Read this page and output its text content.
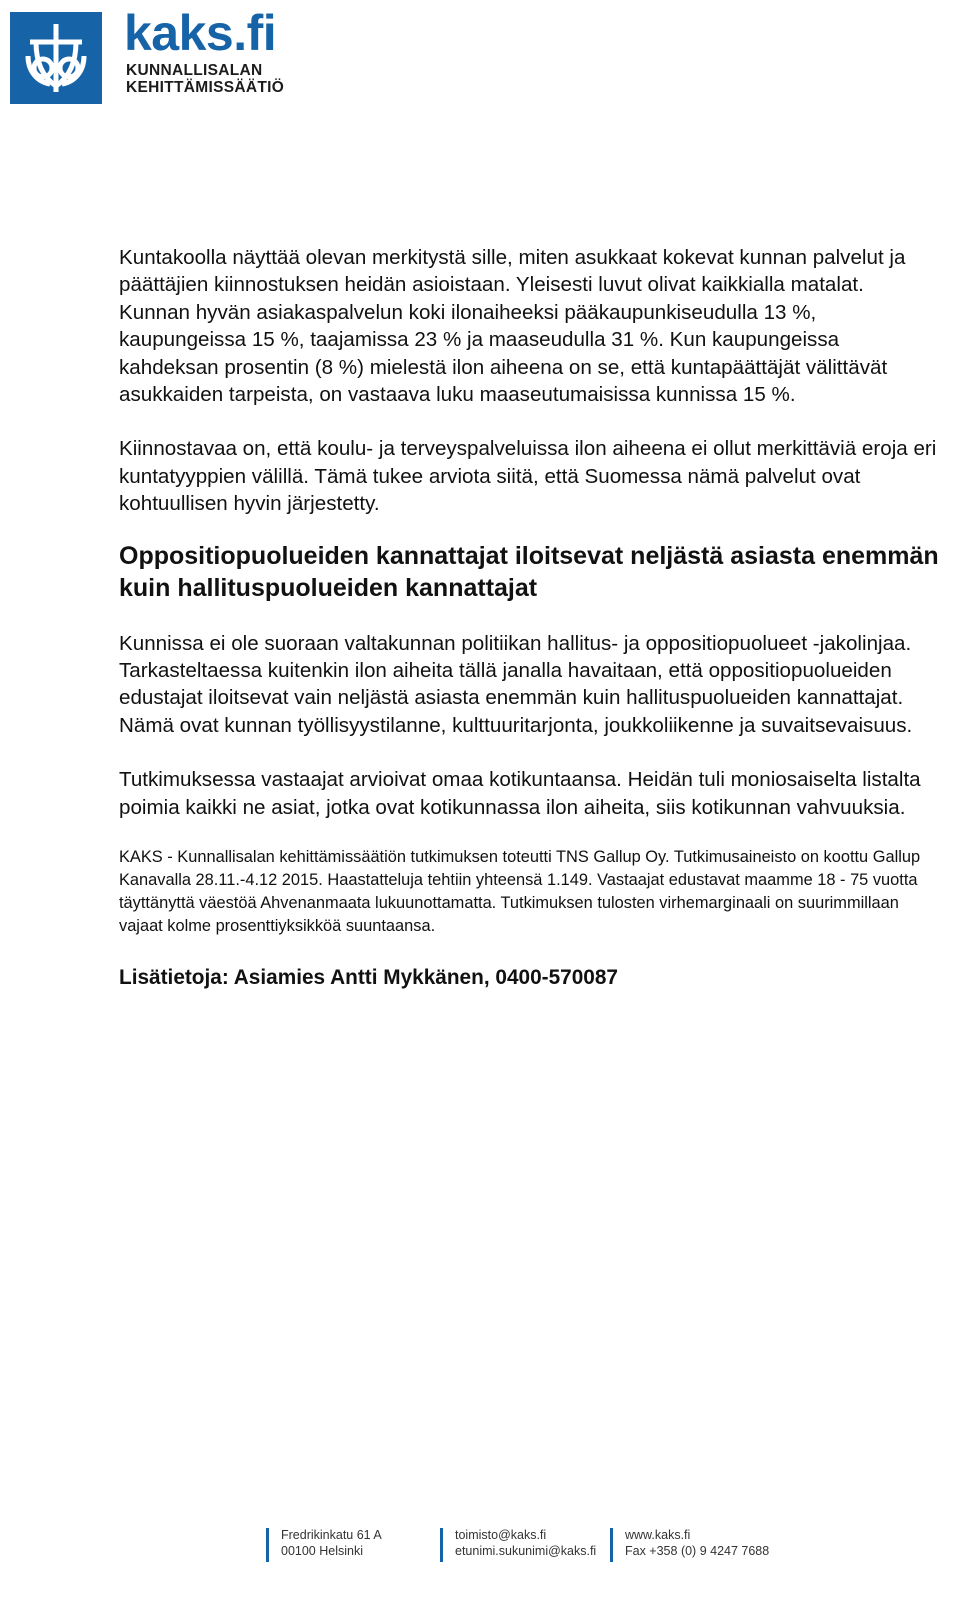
kaks.fi

KUNNALLISALAN
KEHITTÄMISSÄÄTIÖ

Kuntakoolla näyttää olevan merkitystä sille, miten asukkaat kokevat kunnan palvelut ja päättäjien kiinnostuksen heidän asioistaan. Yleisesti luvut olivat kaikkialla matalat. Kunnan hyvän asiakaspalvelun koki ilonaiheeksi pääkaupunkiseudulla 13 %, kaupungeissa 15 %, taajamissa 23 % ja maaseudulla 31 %. Kun kaupungeissa kahdeksan prosentin (8 %) mielestä ilon aiheena on se, että kuntapäättäjät välittävät asukkaiden tarpeista, on vastaava luku maaseutumaisissa kunnissa 15 %.

Kiinnostavaa on, että koulu- ja terveyspalveluissa ilon aiheena ei ollut merkittäviä eroja eri kuntatyyppien välillä. Tämä tukee arviota siitä, että Suomessa nämä palvelut ovat kohtuullisen hyvin järjestetty.

Oppositiopuolueiden kannattajat iloitsevat neljästä asiasta enemmän kuin hallituspuolueiden kannattajat

Kunnissa ei ole suoraan valtakunnan politiikan hallitus- ja oppositiopuolueet -jakolinjaa. Tarkasteltaessa kuitenkin ilon aiheita tällä janalla havaitaan, että oppositiopuolueiden edustajat iloitsevat vain neljästä asiasta enemmän kuin hallituspuolueiden kannattajat. Nämä ovat kunnan työllisyystilanne, kulttuuritarjonta, joukkoliikenne ja suvaitsevaisuus.

Tutkimuksessa vastaajat arvioivat omaa kotikuntaansa. Heidän tuli moniosaiselta listalta poimia kaikki ne asiat, jotka ovat kotikunnassa ilon aiheita, siis kotikunnan vahvuuksia.

KAKS - Kunnallisalan kehittämissäätiön tutkimuksen toteutti TNS Gallup Oy. Tutkimusaineisto on koottu Gallup Kanavalla 28.11.-4.12 2015. Haastatteluja tehtiin yhteensä 1.149. Vastaajat edustavat maamme 18 - 75 vuotta täyttänyttä väestöä Ahvenanmaata lukuunottamatta. Tutkimuksen tulosten virhemarginaali on suurimmillaan vajaat kolme prosenttiyksikköä suuntaansa.

Lisätietoja: Asiamies Antti Mykkänen, 0400-570087

Fredrikinkatu 61 A
00100 Helsinki
toimisto@kaks.fi
etunimi.sukunimi@kaks.fi
www.kaks.fi
Fax +358 (0) 9 4247 7688
